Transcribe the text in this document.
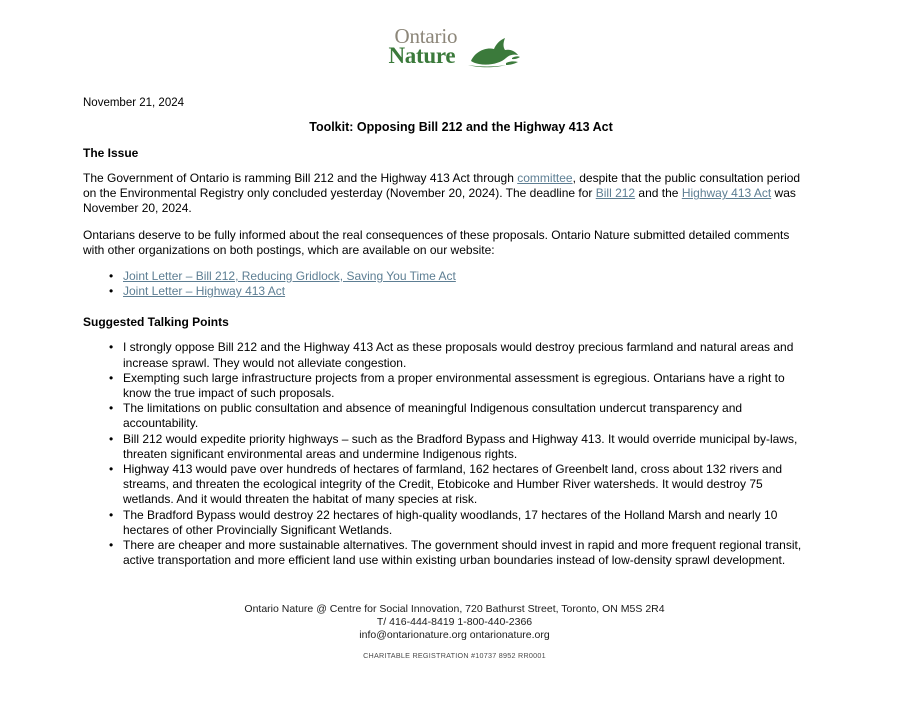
Ontario
Nature

November 21, 2024

Toolkit: Opposing Bill 212 and the Highway 413 Act

The Issue

The Government of Ontario is ramming Bill 212 and the Highway 413 Act through committee, despite that the public consultation period on the Environmental Registry only concluded yesterday (November 20, 2024). The deadline for Bill 212 and the Highway 413 Act was November 20, 2024.

Ontarians deserve to be fully informed about the real consequences of these proposals. Ontario Nature submitted detailed comments with other organizations on both postings, which are available on our website:

• Joint Letter – Bill 212, Reducing Gridlock, Saving You Time Act
• Joint Letter – Highway 413 Act
Suggested Talking Points
• I strongly oppose Bill 212 and the Highway 413 Act as these proposals would destroy precious farmland and natural areas and increase sprawl. They would not alleviate congestion.
• Exempting such large infrastructure projects from a proper environmental assessment is egregious. Ontarians have a right to know the true impact of such proposals.
• The limitations on public consultation and absence of meaningful Indigenous consultation undercut transparency and accountability.
• Bill 212 would expedite priority highways – such as the Bradford Bypass and Highway 413. It would override municipal by-laws, threaten significant environmental areas and undermine Indigenous rights.
• Highway 413 would pave over hundreds of hectares of farmland, 162 hectares of Greenbelt land, cross about 132 rivers and streams, and threaten the ecological integrity of the Credit, Etobicoke and Humber River watersheds. It would destroy 75 wetlands. And it would threaten the habitat of many species at risk.
• The Bradford Bypass would destroy 22 hectares of high-quality woodlands, 17 hectares of the Holland Marsh and nearly 10 hectares of other Provincially Significant Wetlands.
• There are cheaper and more sustainable alternatives. The government should invest in rapid and more frequent regional transit, active transportation and more efficient land use within existing urban boundaries instead of low-density sprawl development.

Ontario Nature @ Centre for Social Innovation, 720 Bathurst Street, Toronto, ON M5S 2R4

T/ 416-444-8419 1-800-440-2366

info@ontarionature.org ontarionature.org

CHARITABLE REGISTRATION #10737 8952 RR0001
